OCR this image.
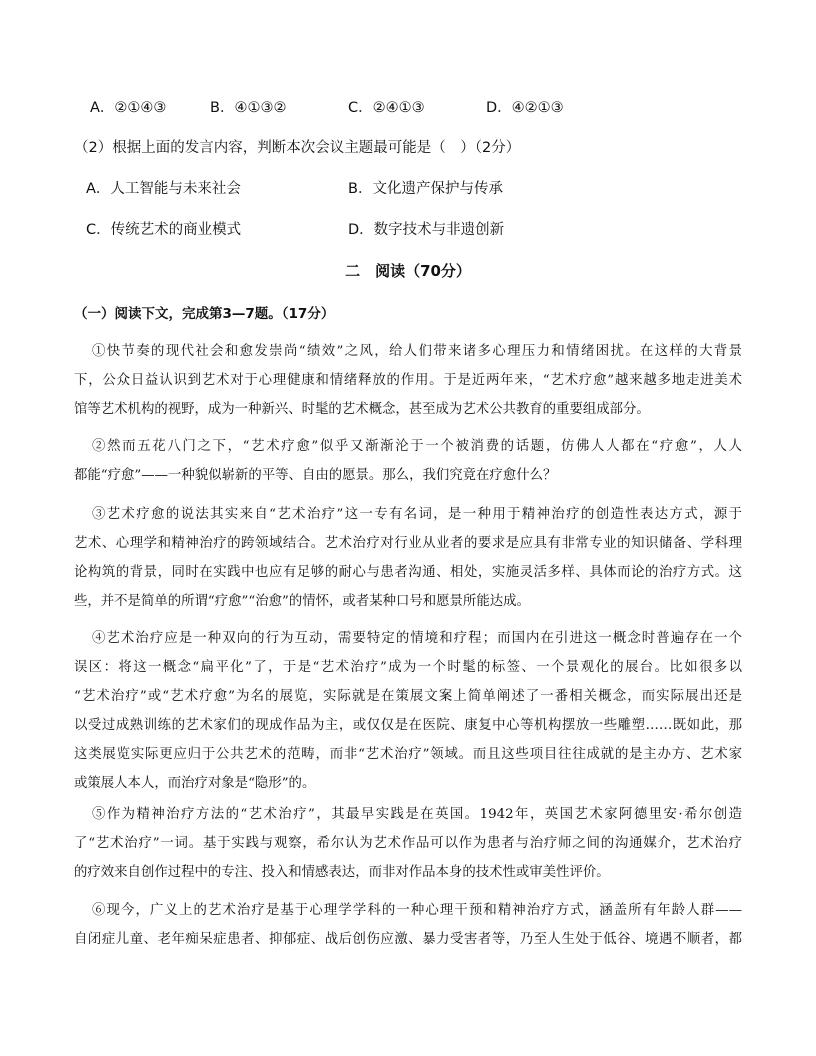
A．②①④③	B．④①③②	C．②④①③	D．④②①③
（2）根据上面的发言内容，判断本次会议主题最可能是（　）（2分）
A．人工智能与未来社会	B．文化遗产保护与传承
C．传统艺术的商业模式	D．数字技术与非遗创新
二　阅读（70分）
（一）阅读下文，完成第3—7题。（17分）
①快节奏的现代社会和愈发崇尚“绩效”之风，给人们带来诸多心理压力和情绪困扰。在这样的大背景
下，公众日益认识到艺术对于心理健康和情绪释放的作用。于是近两年来，“艺术疗愈”越来越多地走进美术
馆等艺术机构的视野，成为一种新兴、时髦的艺术概念，甚至成为艺术公共教育的重要组成部分。
②然而五花八门之下，“艺术疗愈”似乎又渐渐沦于一个被消费的话题，仿佛人人都在“疗愈”，人人
都能“疗愈”——一种貌似崭新的平等、自由的愿景。那么，我们究竟在疗愈什么？
③艺术疗愈的说法其实来自“艺术治疗”这一专有名词，是一种用于精神治疗的创造性表达方式，源于
艺术、心理学和精神治疗的跨领域结合。艺术治疗对行业从业者的要求是应具有非常专业的知识储备、学科理
论构筑的背景，同时在实践中也应有足够的耐心与患者沟通、相处，实施灵活多样、具体而论的治疗方式。这
些，并不是简单的所谓“疗愈”“治愈”的情怀，或者某种口号和愿景所能达成。
④艺术治疗应是一种双向的行为互动，需要特定的情境和疗程；而国内在引进这一概念时普遍存在一个
误区：将这一概念“扁平化”了，于是“艺术治疗”成为一个时髦的标签、一个景观化的展台。比如很多以
“艺术治疗”或“艺术疗愈”为名的展览，实际就是在策展文案上简单阐述了一番相关概念，而实际展出还是
以受过成熟训练的艺术家们的现成作品为主，或仅仅是在医院、康复中心等机构摆放一些雕塑……既如此，那
这类展览实际更应归于公共艺术的范畴，而非“艺术治疗”领域。而且这些项目往往成就的是主办方、艺术家
或策展人本人，而治疗对象是“隐形”的。
⑤作为精神治疗方法的“艺术治疗”，其最早实践是在英国。1942年，英国艺术家阿德里安·希尔创造
了“艺术治疗”一词。基于实践与观察，希尔认为艺术作品可以作为患者与治疗师之间的沟通媒介，艺术治疗
的疗效来自创作过程中的专注、投入和情感表达，而非对作品本身的技术性或审美性评价。
⑥现今，广义上的艺术治疗是基于心理学学科的一种心理干预和精神治疗方式，涵盖所有年龄人群——
自闭症儿童、老年痴呆症患者、抑郁症、战后创伤应激、暴力受害者等，乃至人生处于低谷、境遇不顺者，都
